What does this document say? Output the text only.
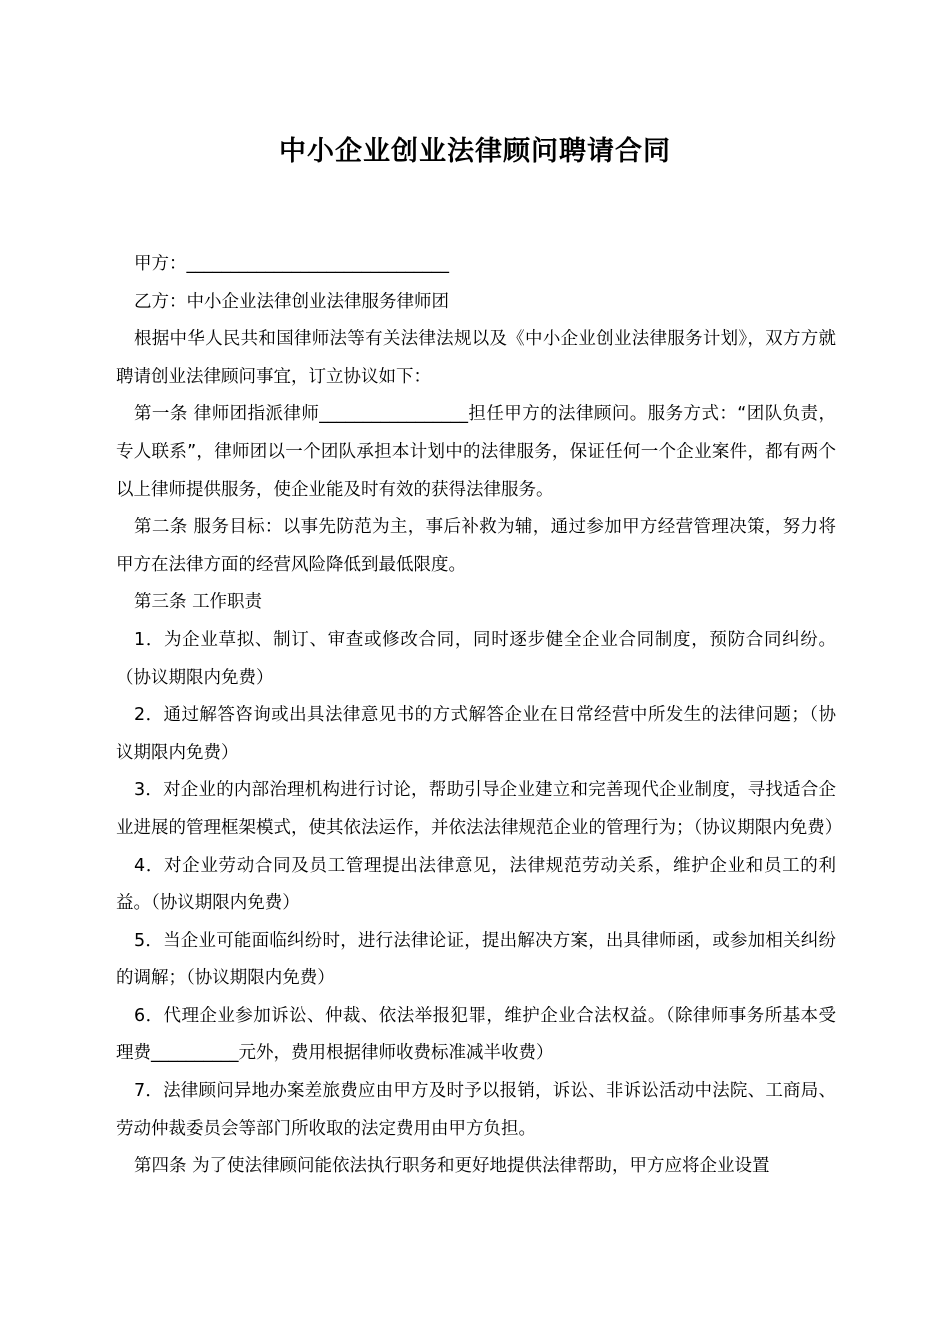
中小企业创业法律顾问聘请合同

甲方：______________________________

乙方：中小企业法律创业法律服务律师团

根据中华人民共和国律师法等有关法律法规以及《中小企业创业法律服务计划》，双方方就聘请创业法律顾问事宜，订立协议如下：

第一条 律师团指派律师_________________担任甲方的法律顾问。服务方式：“团队负责，专人联系”，律师团以一个团队承担本计划中的法律服务，保证任何一个企业案件，都有两个以上律师提供服务，使企业能及时有效的获得法律服务。

第二条 服务目标：以事先防范为主，事后补救为辅，通过参加甲方经营管理决策，努力将甲方在法律方面的经营风险降低到最低限度。

第三条 工作职责

1．为企业草拟、制订、审查或修改合同，同时逐步健全企业合同制度，预防合同纠纷。（协议期限内免费）

2．通过解答咨询或出具法律意见书的方式解答企业在日常经营中所发生的法律问题；（协议期限内免费）

3．对企业的内部治理机构进行讨论，帮助引导企业建立和完善现代企业制度，寻找适合企业进展的管理框架模式，使其依法运作，并依法法律规范企业的管理行为；（协议期限内免费）

4．对企业劳动合同及员工管理提出法律意见，法律规范劳动关系，维护企业和员工的利益。（协议期限内免费）

5．当企业可能面临纠纷时，进行法律论证，提出解决方案，出具律师函，或参加相关纠纷的调解；（协议期限内免费）

6．代理企业参加诉讼、仲裁、依法举报犯罪，维护企业合法权益。（除律师事务所基本受理费__________元外，费用根据律师收费标准减半收费）

7．法律顾问异地办案差旅费应由甲方及时予以报销，诉讼、非诉讼活动中法院、工商局、劳动仲裁委员会等部门所收取的法定费用由甲方负担。

第四条 为了使法律顾问能依法执行职务和更好地提供法律帮助，甲方应将企业设置
